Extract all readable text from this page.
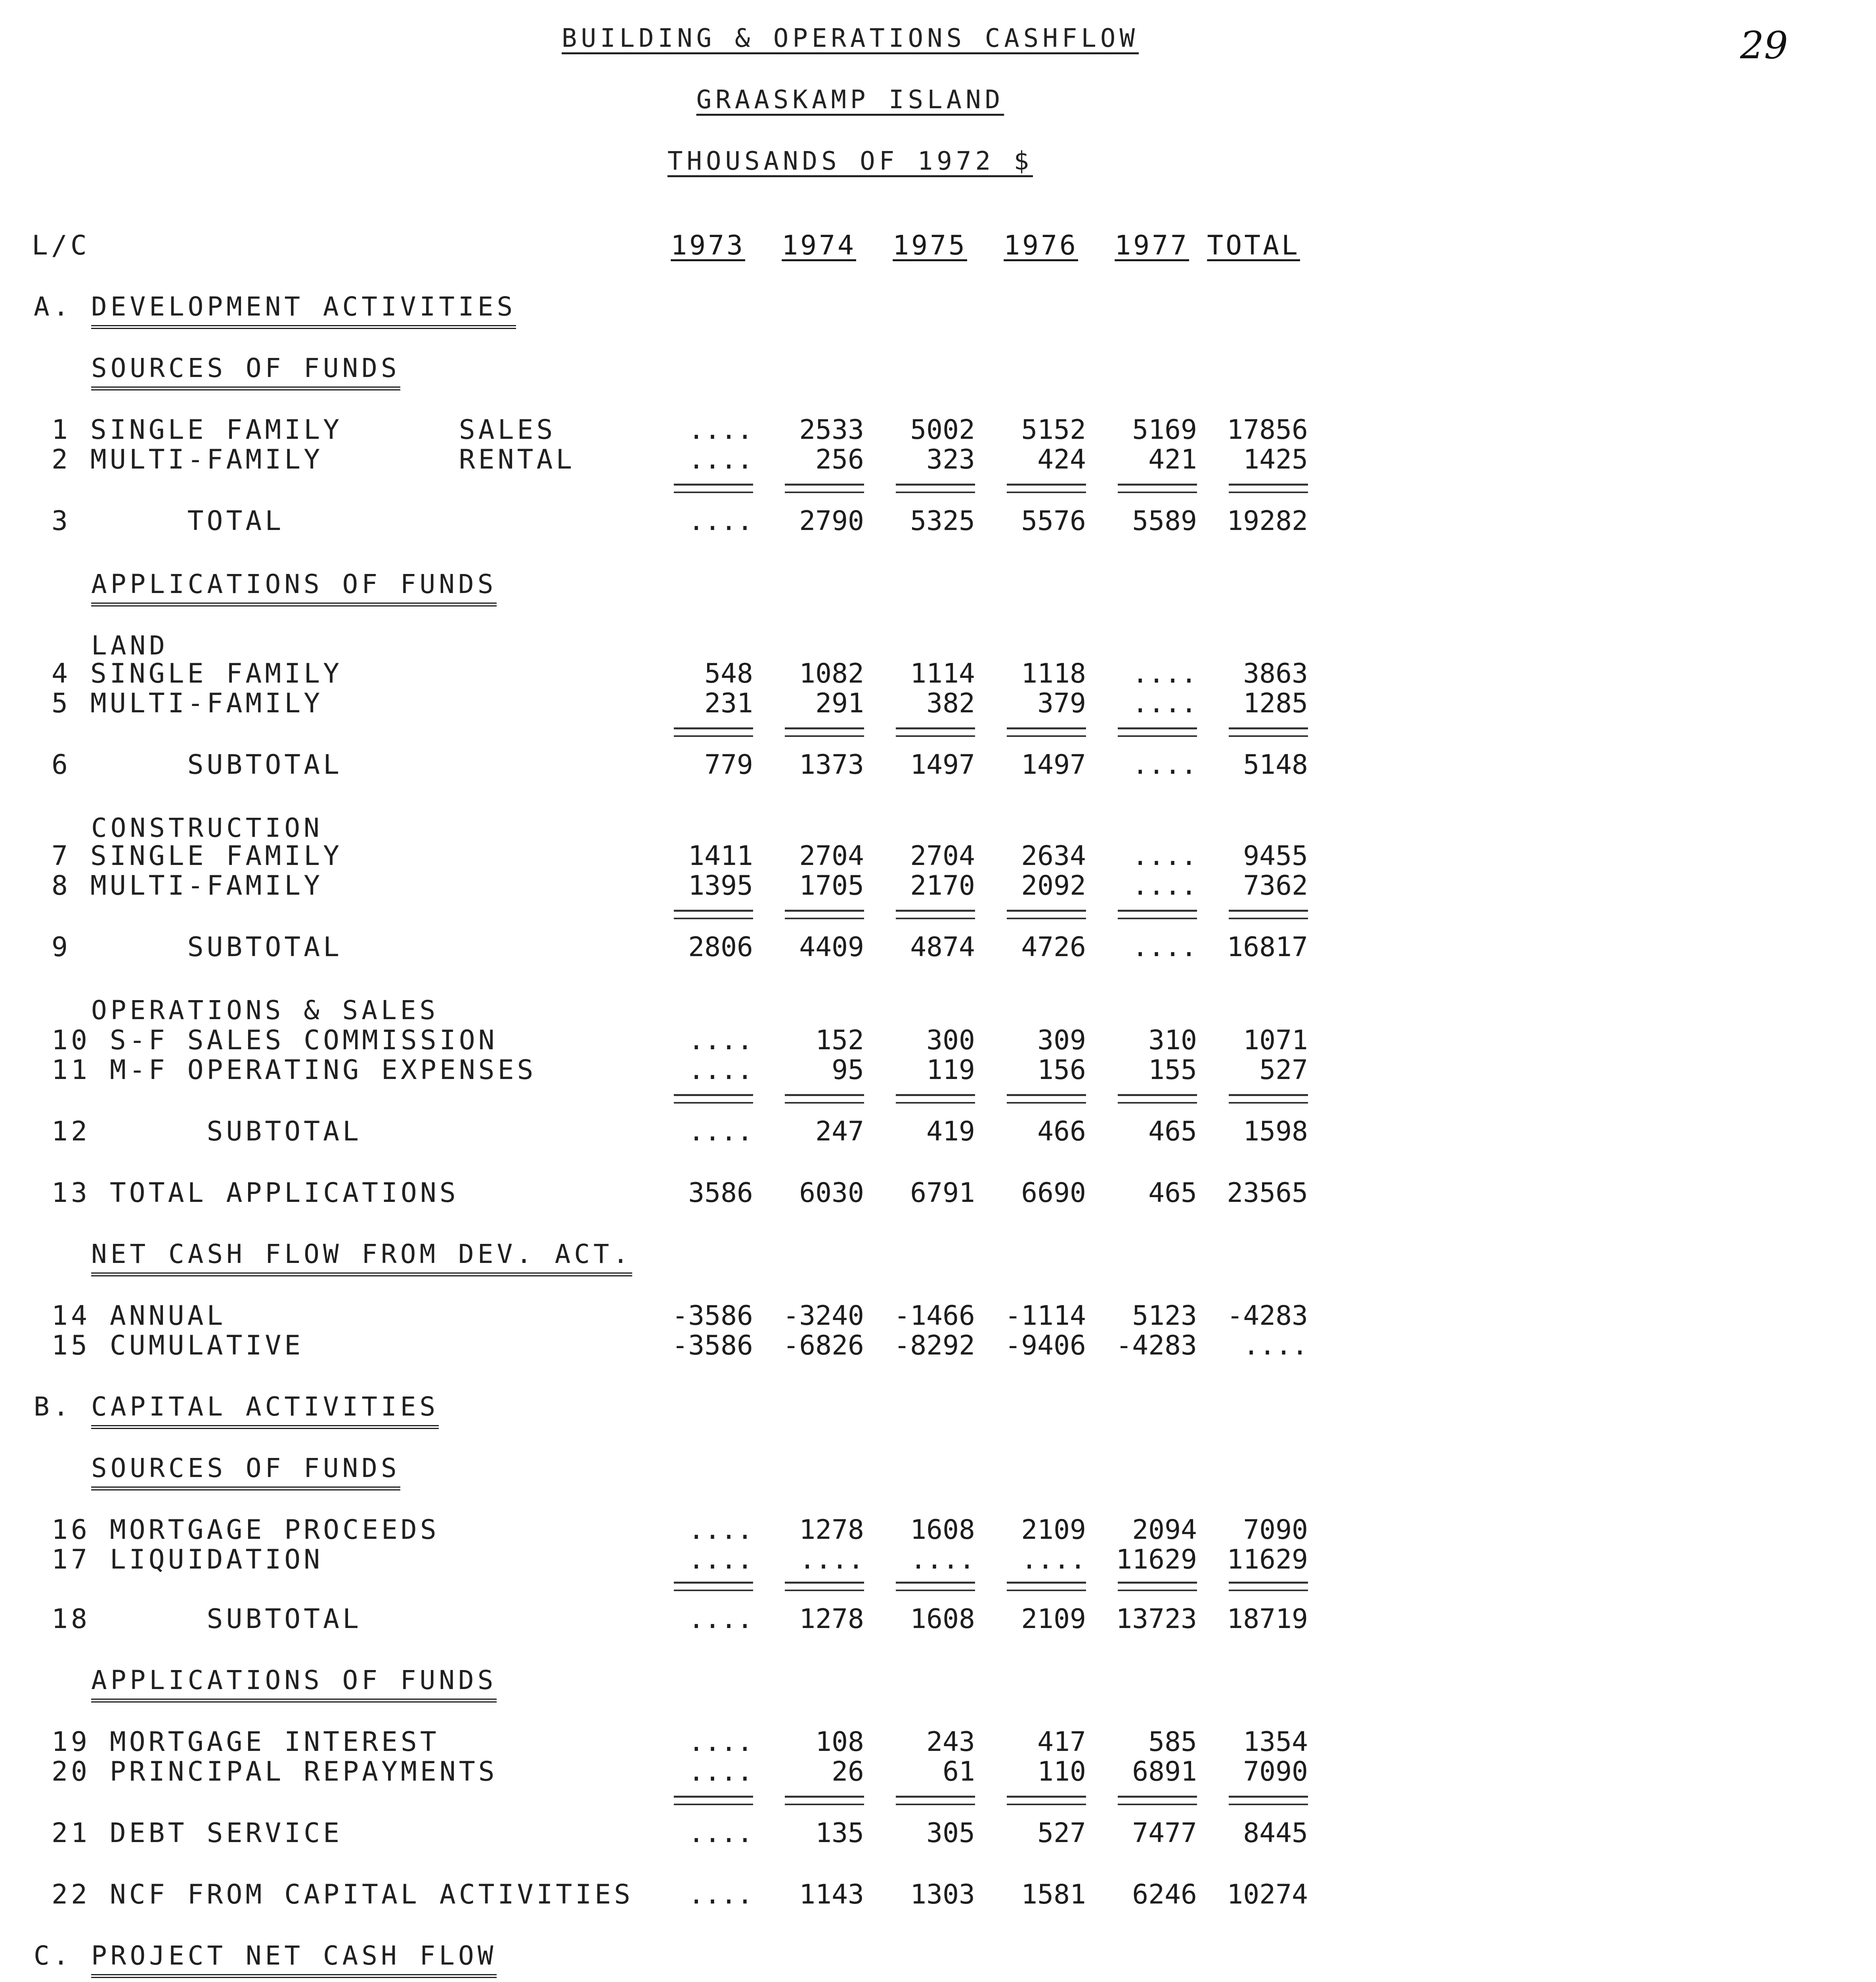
BUILDING & OPERATIONS CASHFLOW
GRAASKAMP ISLAND
THOUSANDS OF 1972 $
29
L/C	1973	1974	1975	1976	1977 TOTAL
A. DEVELOPMENT ACTIVITIES
SOURCES OF FUNDS
APPLICATIONS OF FUNDS
LAND
CONSTRUCTION
OPERATIONS & SALES
NET CASH FLOW FROM DEV. ACT.
B. CAPITAL ACTIVITIES
SOURCES OF FUNDS
APPLICATIONS OF FUNDS
C. PROJECT NET CASH FLOW
1 SINGLE FAMILY      SALES	....	2533	5002	5152	5169	17856
2 MULTI-FAMILY       RENTAL	....	256	323	424	421	1425
3      TOTAL	....	2790	5325	5576	5589	19282
4 SINGLE FAMILY	548	1082	1114	1118	....	3863
5 MULTI-FAMILY	231	291	382	379	....	1285
6      SUBTOTAL	779	1373	1497	1497	....	5148
7 SINGLE FAMILY	1411	2704	2704	2634	....	9455
8 MULTI-FAMILY	1395	1705	2170	2092	....	7362
9      SUBTOTAL	2806	4409	4874	4726	....	16817
10 S-F SALES COMMISSION	....	152	300	309	310	1071
11 M-F OPERATING EXPENSES	....	95	119	156	155	527
12      SUBTOTAL	....	247	419	466	465	1598
13 TOTAL APPLICATIONS	3586	6030	6791	6690	465	23565
14 ANNUAL	-3586	-3240	-1466	-1114	5123	-4283
15 CUMULATIVE	-3586	-6826	-8292	-9406	-4283	....
16 MORTGAGE PROCEEDS	....	1278	1608	2109	2094	7090
17 LIQUIDATION	....	....	....	....	11629	11629
18      SUBTOTAL	....	1278	1608	2109	13723	18719
19 MORTGAGE INTEREST	....	108	243	417	585	1354
20 PRINCIPAL REPAYMENTS	....	26	61	110	6891	7090
21 DEBT SERVICE	....	135	305	527	7477	8445
22 NCF FROM CAPITAL ACTIVITIES	....	1143	1303	1581	6246	10274
